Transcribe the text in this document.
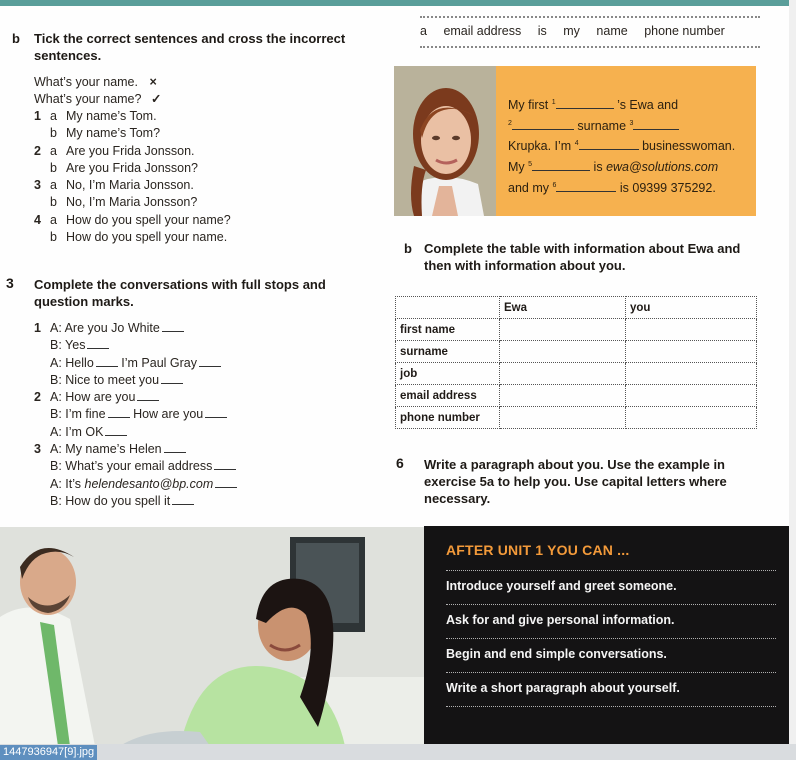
b Tick the correct sentences and cross the incorrect
sentences.
What’s your name. ×
What’s your name? ✓
1 a My name’s Tom.
b My name’s Tom?
2 a Are you Frida Jonsson.
b Are you Frida Jonsson?
3 a No, I’m Maria Jonsson.
b No, I’m Maria Jonsson?
4 a How do you spell your name?
b How do you spell your name.
3 Complete the conversations with full stops and
question marks.
1 A: Are you Jo White
B: Yes
A: Hello I’m Paul Gray
B: Nice to meet you
2 A: How are you
B: I’m fine How are you
A: I’m OK
3 A: My name’s Helen
B: What’s your email address
A: It’s helendesanto@bp.com
B: How do you spell it
a email address is my name phone number
My first $^1$	’s Ewa and
$^2$	surname $^3$
Krupka. I’m $^4$	businesswoman.
My $^5$	is ewa@solutions.com
and my $^6$	is 09399 375292.
b Complete the table with information about Ewa and
then with information about you.
	Ewa	you
first name		
surname		
job		
email address		
phone number		
6 Write a paragraph about you. Use the example in
exercise 5a to help you. Use capital letters where
necessary.
AFTER UNIT 1 YOU CAN ...
Introduce yourself and greet someone.
Ask for and give personal information.
Begin and end simple conversations.
Write a short paragraph about yourself.
1447936947[9].jpg
